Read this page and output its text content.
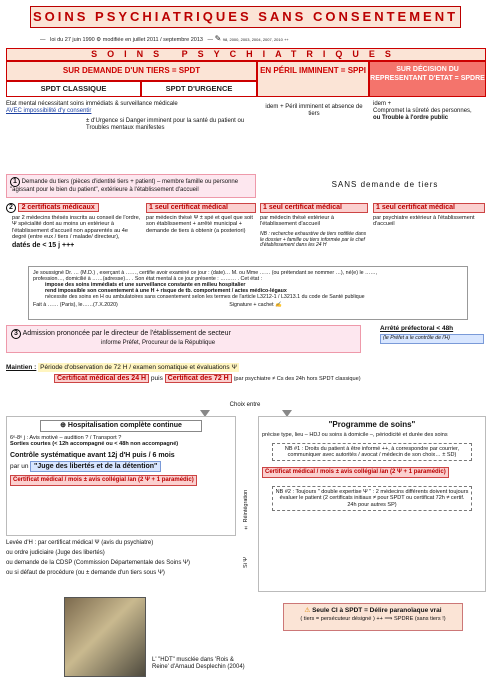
SOINS PSYCHIATRIQUES SANS CONSENTEMENT
— loi du 27 juin 1990 ⚙ modifiée en juillet 2011 / septembre 2013 — ✎ 98, 2000, 2003, 2004, 2007, 2010 ++
SOINS PSYCHIATRIQUES
SUR DEMANDE D'UN TIERS = SPDT
SPDT CLASSIQUE	SPDT D'URGENCE
EN PÉRIL IMMINENT = SPPI	SUR DÉCISION DU REPRESENTANT D'ETAT = SPDRE
Etat mental nécessitant soins immédiats & surveillance médicale
AVEC impossibilité d'y consentir
± d'Urgence si Danger imminent pour la santé du patient ou Troubles mentaux manifestes
idem + Péril imminent et absence de tiers
idem +
Compromet la sûreté des personnes,
ou Trouble à l'ordre public
1 Demande du tiers (pièces d'identité tiers + patient) – membre famille ou personne "agissant pour le bien du patient", extérieure à l'établissement d'accueil
SANS demande de tiers
2 2 certificats médicaux
par 2 médecins thésés inscrits au conseil de l'ordre, Ψ spécialité dont au moins un extérieur à l'établissement d'accueil non apparentés au 4e degré (entre eux / tiers / malade/ directeur),
datés de < 15 j +++
1 seul certificat médical
par médecin thésé Ψ ± spé et quel que soit son établissement + arrêté municipal + demande de tiers à obtenir (a posteriori)
1 seul certificat médical
par médecin thésé extérieur à l'établissement d'accueil
NB : recherche exhaustive de tiers notifiée dans le dossier + famille ou tiers informée par le chef d'établissement dans les 24 H
1 seul certificat médical
par psychiatre extérieur à l'établissement d'accueil
Je soussigné Dr. … (M.D.) , exerçant à ……, certifie avoir examiné ce jour : (date)… M. ou Mme …… (ou prétendant se nommer …), né(e) le ……,
profession…, domicilié à ……(adresse)… . Son état mental à ce jour présente : ……… . Cet état :
impose des soins immédiats et une surveillance constante en milieu hospitalier
rend impossible son consentement à une H + risque de tb. comportement / actes médico-légaux
nécessite des soins en H ou ambulatoires sans consentement selon les termes de l'article L3212-1 / L3213.1 du code de Santé publique
Fait à …… (Paris), le……(7.X.2020)	Signature + cachet ✍
3 Admission prononcée par le directeur de l'établissement de secteur
informe Préfet, Procureur de la République
Arrêté préfectoral < 48h
(le Préfet a le contrôle de l'H)
Maintien : Période d'observation de 72 H / examen somatique et évaluations Ψ
Certificat médical des 24 H puis Certificat des 72 H (par psychiatre ≠ Cs des 24h hors SPDT classique)
Choix entre
⊕ Hospitalisation complète continue
6ᵉ-8ᵉ j : Avis motivé – audition ? / Transport ?
Sorties courtes (< 12h accompagné ou < 48h non accompagné)
Contrôle systématique avant 12j d'H puis / 6 mois
par un "Juge des libertés et de la détention"
Certificat médical / mois ± avis collégial /an (2 Ψ + 1 paramédic)
Levée d'H : par certificat médical Ψ (avis du psychiatre)
ou ordre judiciaire (Juge des libertés)
ou demande de la CDSP (Commission Départementale des Soins Ψ)
ou si défaut de procédure (ou ± demande d'un tiers sous Ψ)
± Réintégration
Si Ψ
"Programme de soins"
précise type, lieu – HDJ ou soins à domicile –, périodicité et durée des soins
NB #1 : Droits du patient à être informé ++, à correspondre par courrier, communiquer avec autorités / avocat / médecin de son choix… ± SD)
Certificat médical / mois ± avis collégial /an (2 Ψ + 1 paramédic)
NB #2 : Toujours " double expertise Ψ " : 2 médecins différents doivent toujours évaluer le patient (2 certificats initiaux ≠ pour SPDT ou certificat 72h ≠ certif. 24h pour autres SP)
L' "HDT" musclée dans 'Rois & Reine' d'Arnaud Desplechin (2004)
⚠ Seule CI à SPDT = Délire paranoïaque vrai
( tiers = persécuteur désigné ) ++ ⟹ SPDRE (sans tiers !)
